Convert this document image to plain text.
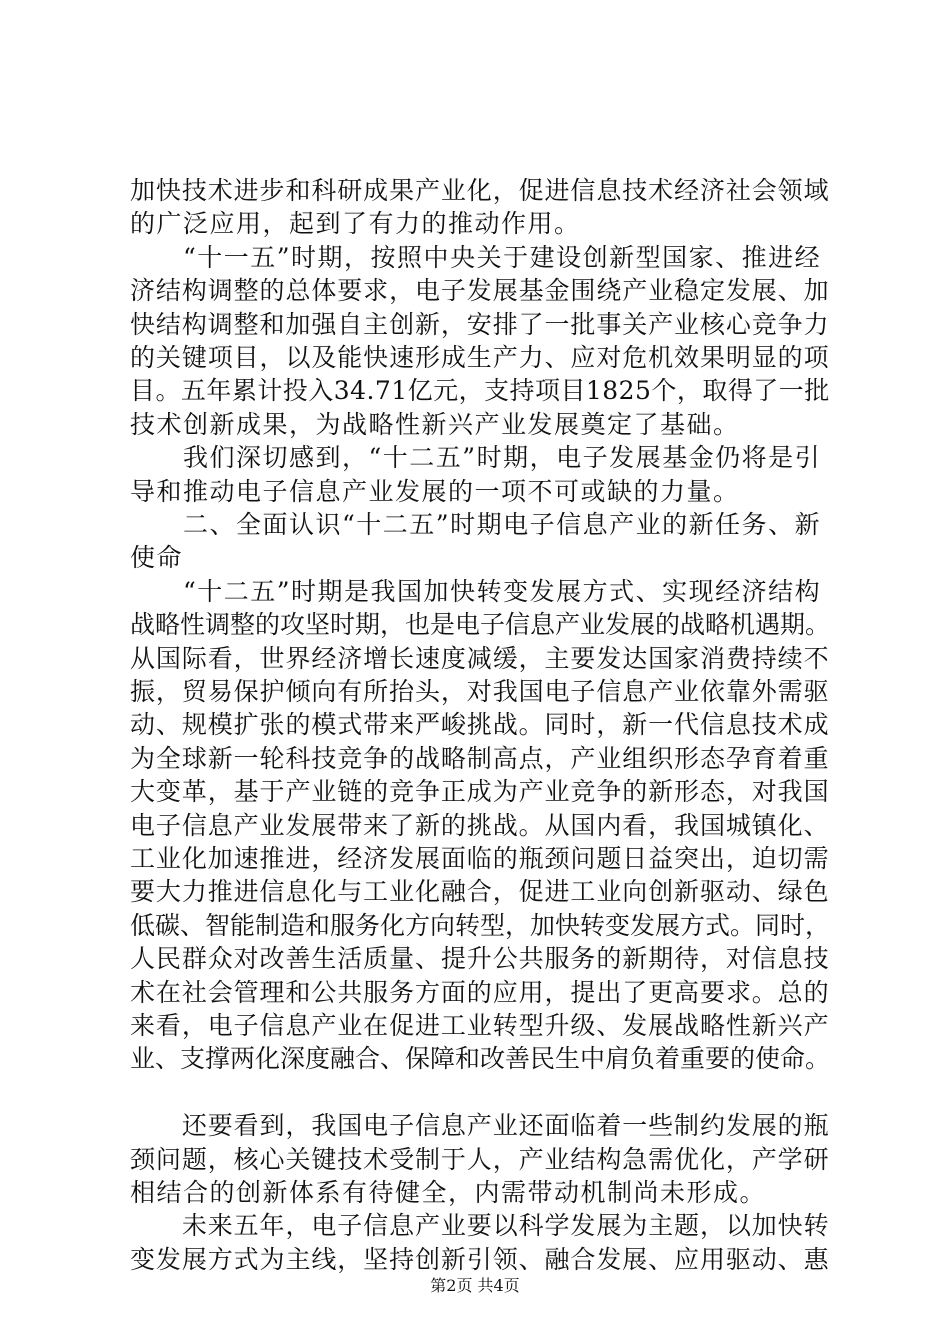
加快技术进步和科研成果产业化，促进信息技术经济社会领域
的广泛应用，起到了有力的推动作用。
　　“十一五”时期，按照中央关于建设创新型国家、推进经
济结构调整的总体要求，电子发展基金围绕产业稳定发展、加
快结构调整和加强自主创新，安排了一批事关产业核心竞争力
的关键项目，以及能快速形成生产力、应对危机效果明显的项
目。五年累计投入34.71亿元，支持项目1825个，取得了一批
技术创新成果，为战略性新兴产业发展奠定了基础。
　　我们深切感到，“十二五”时期，电子发展基金仍将是引
导和推动电子信息产业发展的一项不可或缺的力量。
　　二、全面认识“十二五”时期电子信息产业的新任务、新
使命
　　“十二五”时期是我国加快转变发展方式、实现经济结构
战略性调整的攻坚时期，也是电子信息产业发展的战略机遇期。
从国际看，世界经济增长速度减缓，主要发达国家消费持续不
振，贸易保护倾向有所抬头，对我国电子信息产业依靠外需驱
动、规模扩张的模式带来严峻挑战。同时，新一代信息技术成
为全球新一轮科技竞争的战略制高点，产业组织形态孕育着重
大变革，基于产业链的竞争正成为产业竞争的新形态，对我国
电子信息产业发展带来了新的挑战。从国内看，我国城镇化、
工业化加速推进，经济发展面临的瓶颈问题日益突出，迫切需
要大力推进信息化与工业化融合，促进工业向创新驱动、绿色
低碳、智能制造和服务化方向转型，加快转变发展方式。同时，
人民群众对改善生活质量、提升公共服务的新期待，对信息技
术在社会管理和公共服务方面的应用，提出了更高要求。总的
来看，电子信息产业在促进工业转型升级、发展战略性新兴产
业、支撑两化深度融合、保障和改善民生中肩负着重要的使命。
　　还要看到，我国电子信息产业还面临着一些制约发展的瓶
颈问题，核心关键技术受制于人，产业结构急需优化，产学研
相结合的创新体系有待健全，内需带动机制尚未形成。
　　未来五年，电子信息产业要以科学发展为主题，以加快转
变发展方式为主线，坚持创新引领、融合发展、应用驱动、惠
第2页 共4页
